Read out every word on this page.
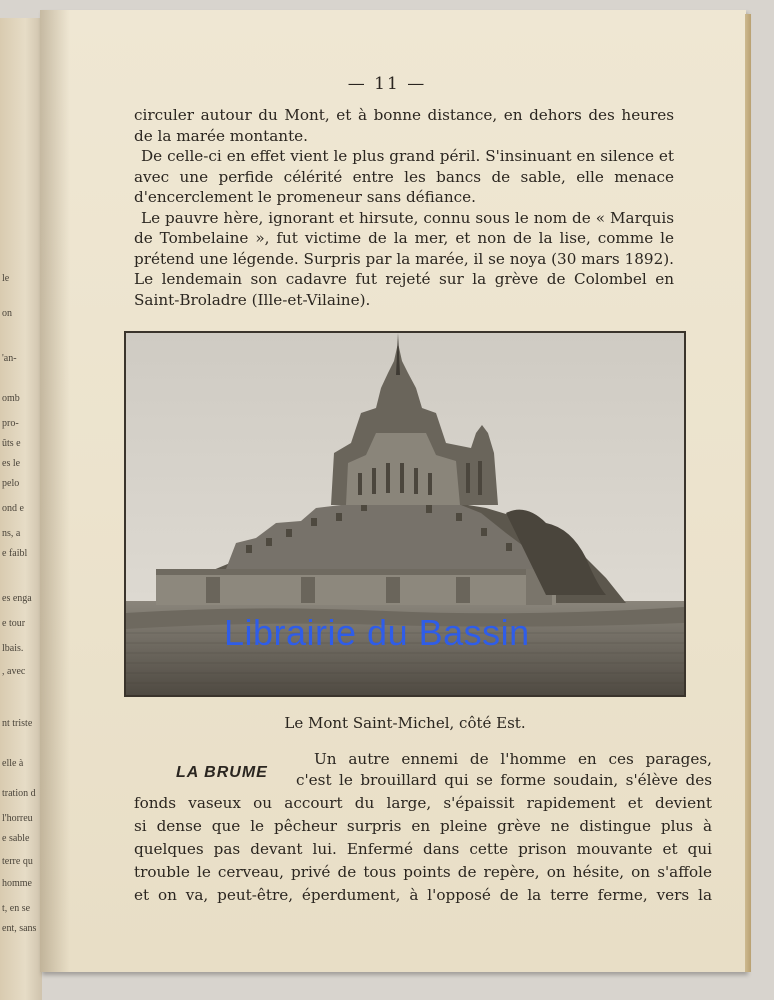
le
on
'an-
omb
pro-
ûts e
es le
pelo
ond e
ns, a
e faibl
es enga
e tour
lbais.
, avec
nt triste
elle à
tration d
l'horreu
e sable
terre qu
homme
t, en se
ent, sans
— 11 —

circuler autour du Mont, et à bonne distance, en dehors des heures de la marée montante.

De celle-ci en effet vient le plus grand péril. S'insinuant en silence et avec une perfide célérité entre les bancs de sable, elle menace d'encerclement le promeneur sans défiance.

Le pauvre hère, ignorant et hirsute, connu sous le nom de « Marquis de Tombelaine », fut victime de la mer, et non de la lise, comme le prétend une légende. Surpris par la marée, il se noya (30 mars 1892). Le lendemain son cadavre fut rejeté sur la grève de Colombel en Saint-Broladre (Ille-et-Vilaine).

Librairie du Bassin
Le Mont Saint-Michel, côté Est.
LA BRUME
Un autre ennemi de l'homme en ces parages,
c'est le brouillard qui se forme soudain, s'élève des
fonds vaseux ou accourt du large, s'épaissit rapidement et devient
si dense que le pêcheur surpris en pleine grève ne distingue plus à
quelques pas devant lui. Enfermé dans cette prison mouvante et qui
trouble le cerveau, privé de tous points de repère, on hésite, on s'affole
et on va, peut-être, éperdument, à l'opposé de la terre ferme, vers la
